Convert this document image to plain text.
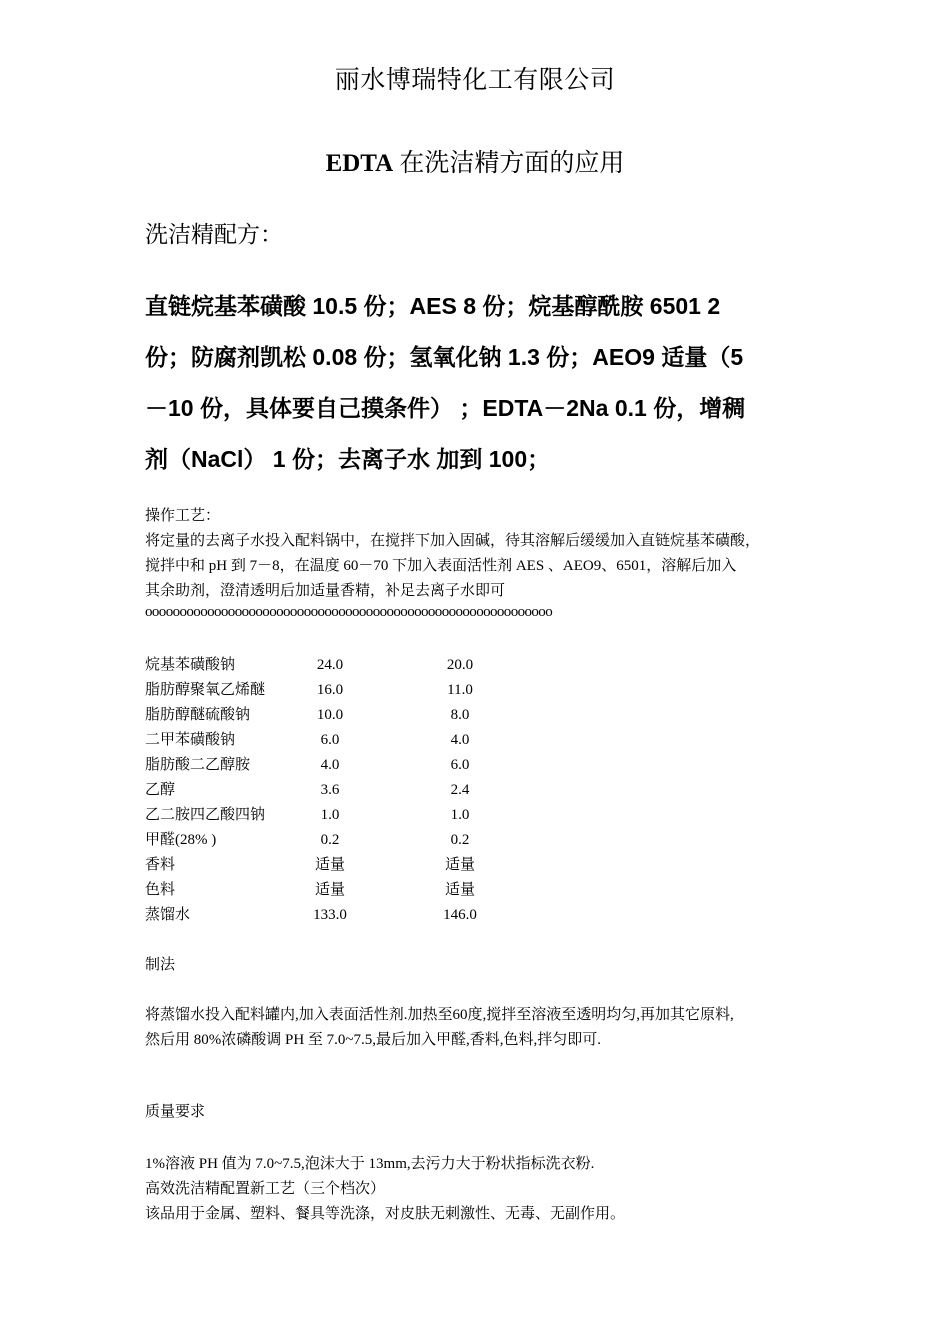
丽水博瑞特化工有限公司
EDTA 在洗洁精方面的应用
洗洁精配方：

直链烷基苯磺酸 10.5 份；AES 8 份；烷基醇酰胺 6501 2

份；防腐剂凯松 0.08 份；氢氧化钠 1.3 份；AEO9 适量（5

－10 份，具体要自己摸条件） ；EDTA－2Na 0.1 份，增稠

剂（NaCl） 1 份；去离子水 加到 100；

操作工艺：

将定量的去离子水投入配料锅中，在搅拌下加入固碱，待其溶解后缓缓加入直链烷基苯磺酸，

搅拌中和 pH 到 7－8，在温度 60－70 下加入表面活性剂 AES 、AEO9、6501，溶解后加入

其余助剂，澄清透明后加适量香精，补足去离子水即可

ooooooooooooooooooooooooooooooooooooooooooooooooooooooooooo
烷基苯磺酸钠	24.0	20.0
脂肪醇聚氧乙烯醚	16.0	11.0
脂肪醇醚硫酸钠	10.0	8.0
二甲苯磺酸钠	6.0	4.0
脂肪酸二乙醇胺	4.0	6.0
乙醇	3.6	2.4
乙二胺四乙酸四钠	1.0	1.0
甲醛(28% )	0.2	0.2
香料	适量	适量
色料	适量	适量
蒸馏水	133.0	146.0
制法

将蒸馏水投入配料罐内,加入表面活性剂.加热至60度,搅拌至溶液至透明均匀,再加其它原料,

然后用 80%浓磷酸调 PH 至 7.0~7.5,最后加入甲醛,香料,色料,拌匀即可.

质量要求

1%溶液 PH 值为 7.0~7.5,泡沫大于 13mm,去污力大于粉状指标洗衣粉.

高效洗洁精配置新工艺（三个档次）

该品用于金属、塑料、餐具等洗涤，对皮肤无刺激性、无毒、无副作用。
